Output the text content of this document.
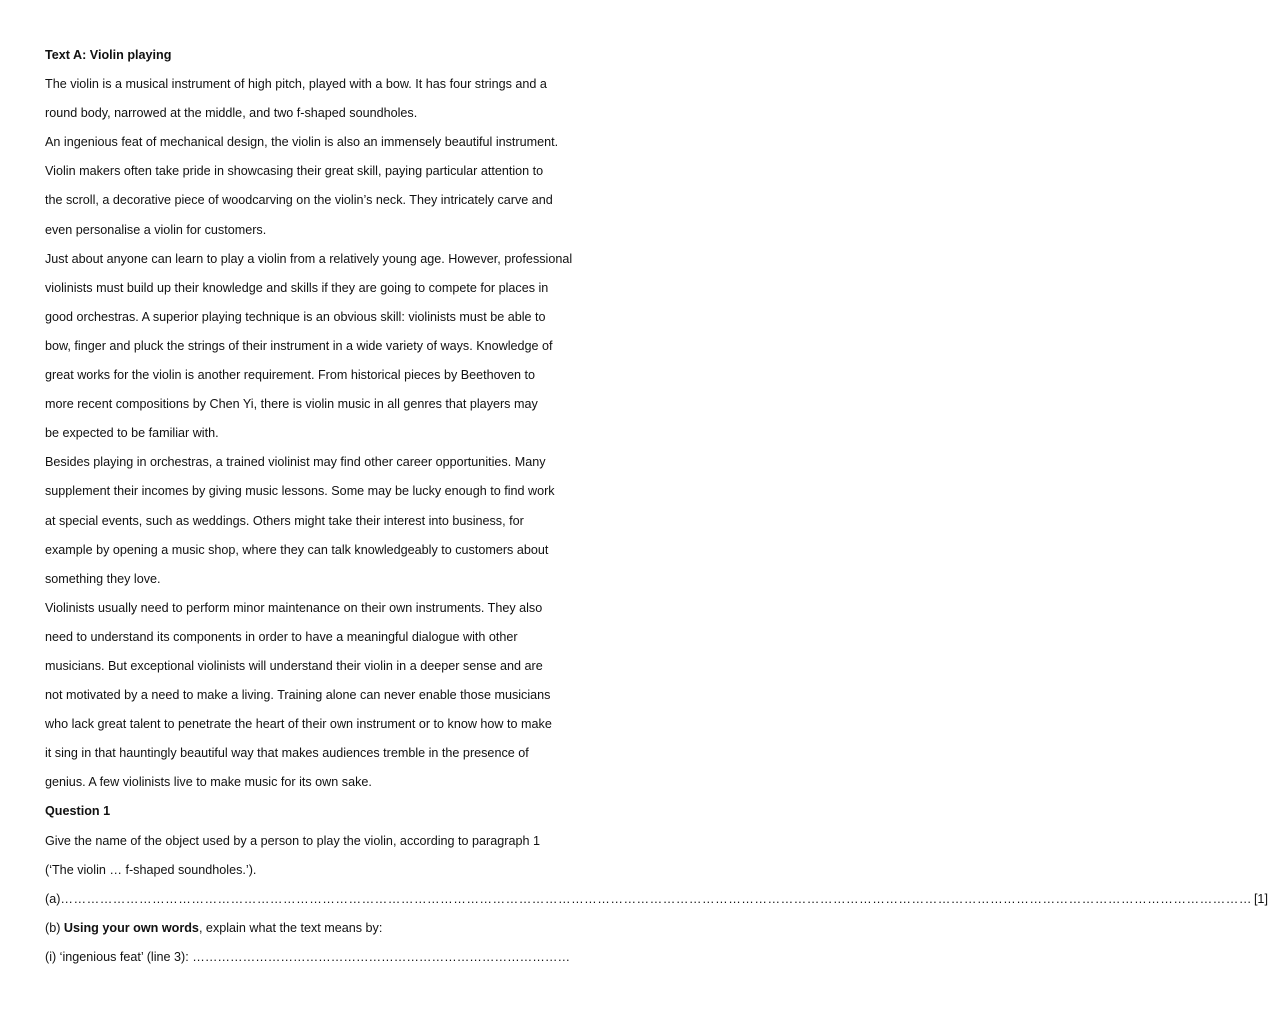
Text A: Violin playing
The violin is a musical instrument of high pitch, played with a bow. It has four strings and a
round body, narrowed at the middle, and two f-shaped soundholes.
An ingenious feat of mechanical design, the violin is also an immensely beautiful instrument.
Violin makers often take pride in showcasing their great skill, paying particular attention to
the scroll, a decorative piece of woodcarving on the violin’s neck. They intricately carve and
even personalise a violin for customers.
Just about anyone can learn to play a violin from a relatively young age. However, professional
violinists must build up their knowledge and skills if they are going to compete for places in
good orchestras. A superior playing technique is an obvious skill: violinists must be able to
bow, finger and pluck the strings of their instrument in a wide variety of ways. Knowledge of
great works for the violin is another requirement. From historical pieces by Beethoven to
more recent compositions by Chen Yi, there is violin music in all genres that players may
be expected to be familiar with.
Besides playing in orchestras, a trained violinist may find other career opportunities. Many
supplement their incomes by giving music lessons. Some may be lucky enough to find work
at special events, such as weddings. Others might take their interest into business, for
example by opening a music shop, where they can talk knowledgeably to customers about
something they love.
Violinists usually need to perform minor maintenance on their own instruments. They also
need to understand its components in order to have a meaningful dialogue with other
musicians. But exceptional violinists will understand their violin in a deeper sense and are
not motivated by a need to make a living. Training alone can never enable those musicians
who lack great talent to penetrate the heart of their own instrument or to know how to make
it sing in that hauntingly beautiful way that makes audiences tremble in the presence of
genius. A few violinists live to make music for its own sake.
Question 1
Give the name of the object used by a person to play the violin, according to paragraph 1
(‘The violin … f-shaped soundholes.’).
(a) ………………………………………………………………………………………………………………………………………………………………………………………………………………………………………………… [1]
(b) Using your own words, explain what the text means by:
(i) ‘ingenious feat’ (line 3): ………………………………………………………………………………
